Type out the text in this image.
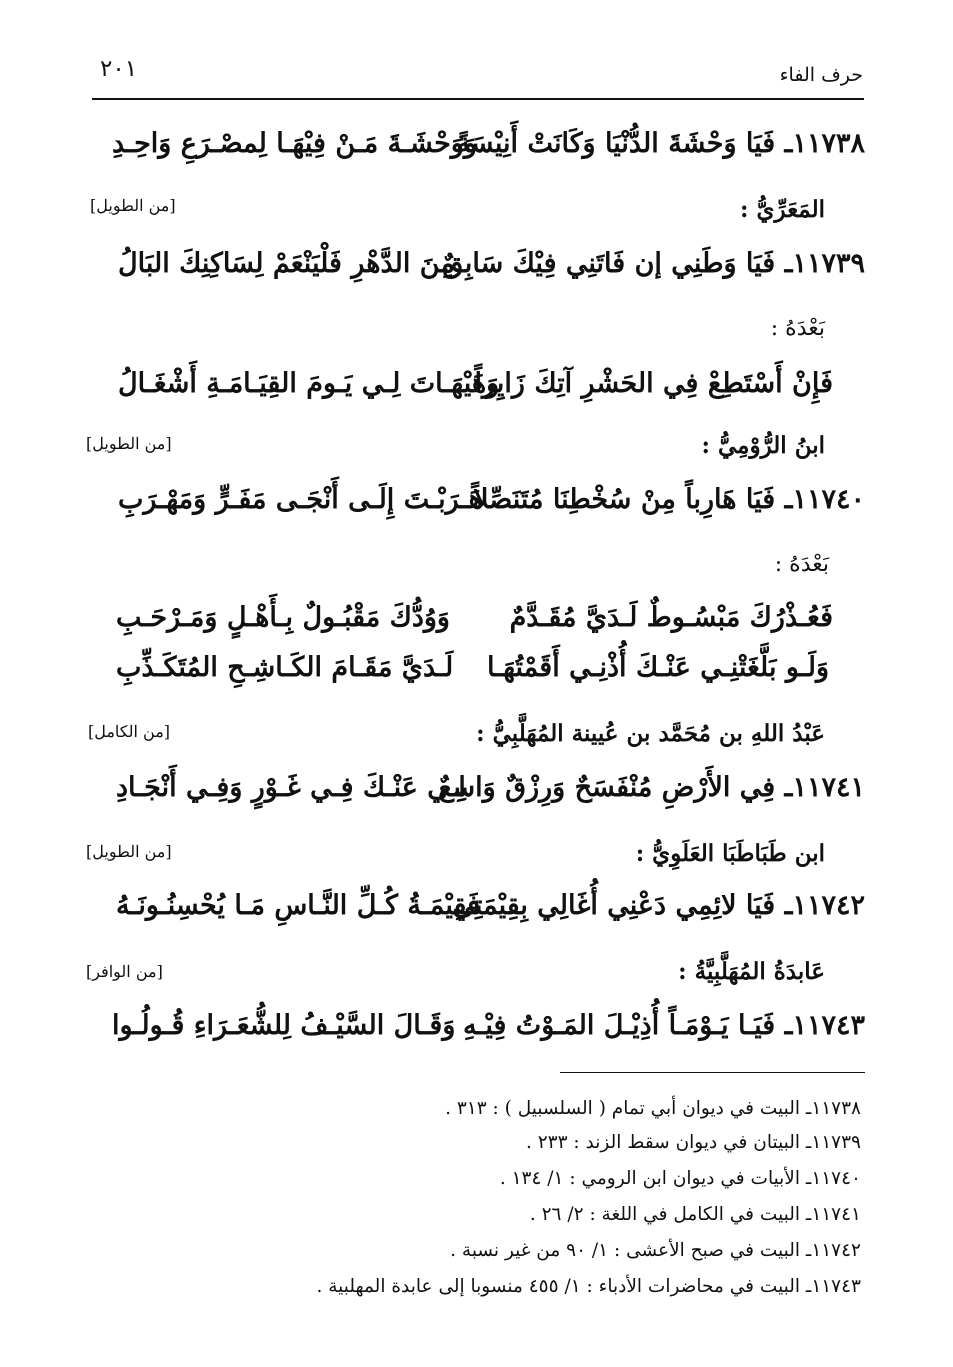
حرف الفاء
٢٠١
١١٧٣٨ـ فَيَا وَحْشَةَ الدُّنْيَا وَكَانَتْ أَنِيْسَةً
وَوَحْشَـةَ مَـنْ فِيْهَـا لِمصْـرَعِ وَاحِـدِ
المَعَرِّيُّ :
[من الطويل]
١١٧٣٩ـ فَيَا وَطَنِي إن فَاتَنِي فِيْكَ سَابِقٌ
مِنَ الدَّهْرِ فَلْيَنْعَمْ لِسَاكِنِكَ البَالُ
بَعْدَهُ :
فَإِنْ أَسْتَطِعْ فِي الحَشْرِ آتِكَ زَايِراً
وَهَيْهَـاتَ لِـي يَـومَ القِيَـامَـةِ أَشْغَـالُ
ابنُ الرُّوْمِيُّ :
[من الطويل]
١١٧٤٠ـ فَيَا هَارِباً مِنْ سُخْطِنَا مُتَنَصِّلاً
هَـرَبْـتَ إِلَـى أَنْجَـى مَفَـرٍّ وَمَهْـرَبِ
بَعْدَهُ :
فَعُـذْرُكَ مَبْسُـوطٌ لَـدَيَّ مُقَـدَّمٌ
وَوُدُّكَ مَقْبُـولٌ بِـأَهْـلٍ وَمَـرْحَـبِ
وَلَـو بَلَّغَتْنِـي عَنْـكَ أُذْنِـي أَقَمْتُهَـا
لَـدَيَّ مَقَـامَ الكَـاشِـحِ المُتَكَـذِّبِ
عَبْدُ اللهِ بن مُحَمَّد بن عُيينة المُهَلَّبِيُّ :
[من الكامل]
١١٧٤١ـ فِي الأَرْضِ مُنْفَسَحٌ وَرِزْقٌ وَاسِعٌ
لِـي عَنْـكَ فِـي غَـوْرٍ وَفِـي أَنْجَـادِ
ابن طَبَاطَبَا العَلَوِيُّ :
[من الطويل]
١١٧٤٢ـ فَيَا لائِمِي دَعْنِي أُغَالِي بِقِيْمَتِي
فَقِيْمَـةُ كُـلِّ النَّـاسِ مَـا يُحْسِنُـونَـهُ
عَابدَةُ المُهَلَّبِيَّةُ :
[من الوافر]
١١٧٤٣ـ فَيَـا يَـوْمَـاً أُذِيْـلَ المَـوْتُ فِيْـهِ
وَقَـالَ السَّيْـفُ لِلشُّعَـرَاءِ قُـولُـوا
١١٧٣٨ـ البيت في ديوان أبي تمام ( السلسبيل ) : ٣١٣ .
١١٧٣٩ـ البيتان في ديوان سقط الزند : ٢٣٣ .
١١٧٤٠ـ الأبيات في ديوان ابن الرومي : ١/ ١٣٤ .
١١٧٤١ـ البيت في الكامل في اللغة : ٢/ ٢٦ .
١١٧٤٢ـ البيت في صبح الأعشى : ١/ ٩٠ من غير نسبة .
١١٧٤٣ـ البيت في محاضرات الأدباء : ١/ ٤٥٥ منسوبا إلى عابدة المهلبية .
